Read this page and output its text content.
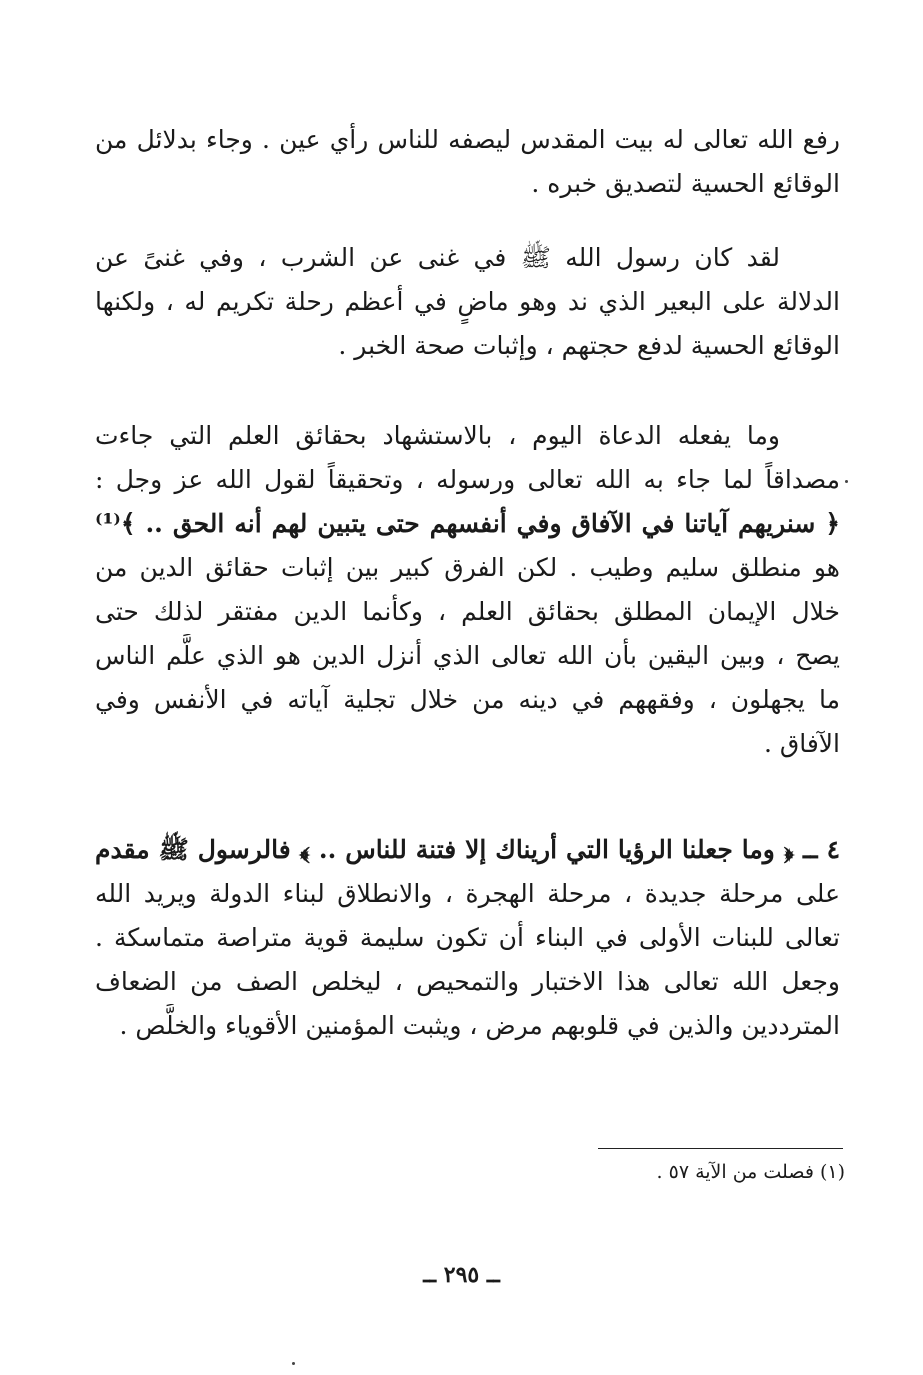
رفع الله تعالى له بيت المقدس ليصفه للناس رأي عين . وجاء بدلائل من
الوقائع الحسية لتصديق خبره .
لقد كان رسول الله ﷺ في غنى عن الشرب ، وفي غنىً عن
الدلالة على البعير الذي ند وهو ماضٍ في أعظم رحلة تكريم له ، ولكنها
الوقائع الحسية لدفع حجتهم ، وإثبات صحة الخبر .
وما يفعله الدعاة اليوم ، بالاستشهاد بحقائق العلم التي جاءت
مصداقاً لما جاء به الله تعالى ورسوله ، وتحقيقاً لقول الله عز وجل :
﴿ سنريهم آياتنا في الآفاق وفي أنفسهم حتى يتبين لهم أنه الحق .. ﴾⁽¹⁾
هو منطلق سليم وطيب . لكن الفرق كبير بين إثبات حقائق الدين من
خلال الإيمان المطلق بحقائق العلم ، وكأنما الدين مفتقر لذلك حتى
يصح ، وبين اليقين بأن الله تعالى الذي أنزل الدين هو الذي علَّم الناس
ما يجهلون ، وفقههم في دينه من خلال تجلية آياته في الأنفس وفي
الآفاق .
٤ ــ ﴿ وما جعلنا الرؤيا التي أريناك إلا فتنة للناس .. ﴾ فالرسول ﷺ مقدم
على مرحلة جديدة ، مرحلة الهجرة ، والانطلاق لبناء الدولة ويريد الله
تعالى للبنات الأولى في البناء أن تكون سليمة قوية متراصة متماسكة .
وجعل الله تعالى هذا الاختبار والتمحيص ، ليخلص الصف من الضعاف
المترددين والذين في قلوبهم مرض ، ويثبت المؤمنين الأقوياء والخلَّص .
(١) فصلت من الآية ٥٧ .
ــ ٢٩٥ ــ
